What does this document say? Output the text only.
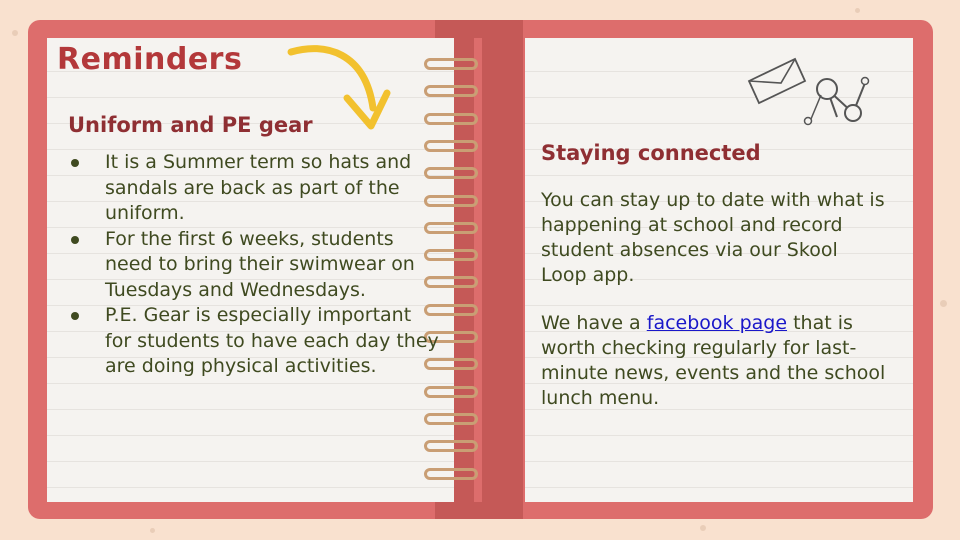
Reminders
Uniform and PE gear
It is a Summer term so hats and sandals are back as part of the uniform.
For the first 6 weeks, students need to bring their swimwear on Tuesdays and Wednesdays.
P.E. Gear is especially important for students to have each day they are doing physical activities.
Staying connected

You can stay up to date with what is happening at school and record student absences via our Skool Loop app.

We have a facebook page that is worth checking regularly for last-minute news, events and the school lunch menu.
